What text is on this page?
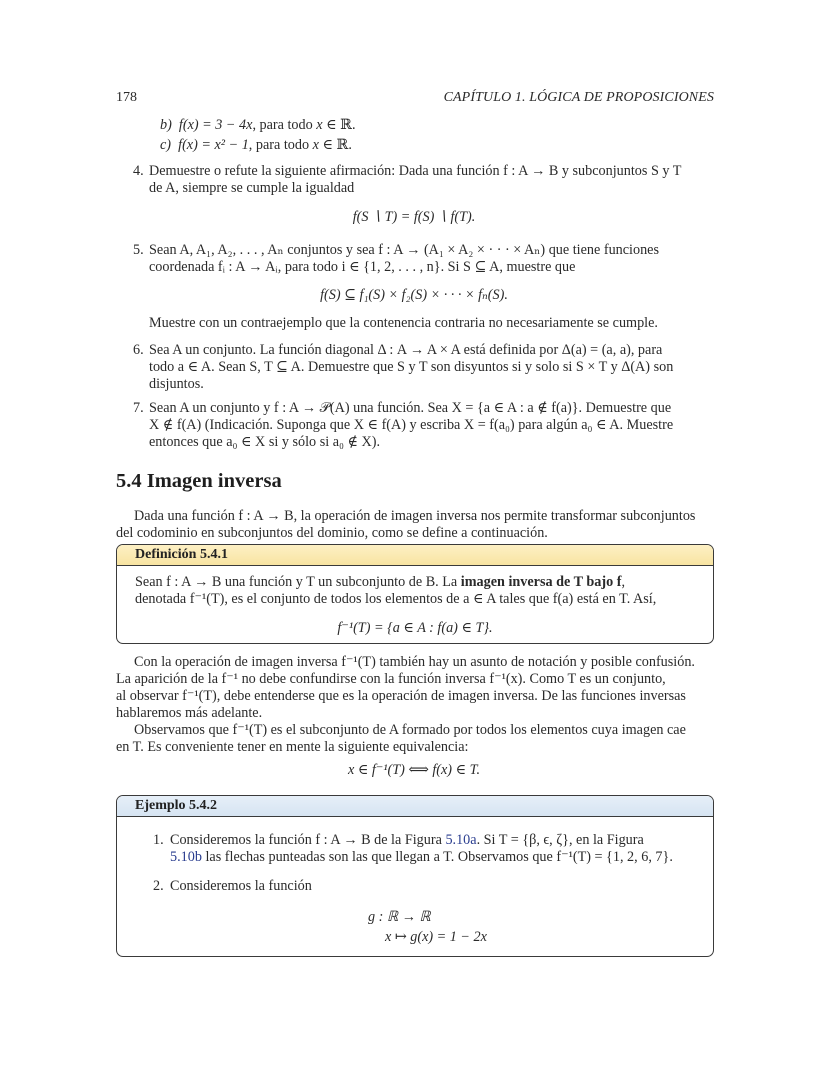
178	CAPÍTULO 1. LÓGICA DE PROPOSICIONES
b) f(x) = 3 − 4x, para todo x ∈ ℝ.
c) f(x) = x² − 1, para todo x ∈ ℝ.
4. Demuestre o refute la siguiente afirmación: Dada una función f : A → B y subconjuntos S y T
de A, siempre se cumple la igualdad
f(S ∖ T) = f(S) ∖ f(T).
5. Sean A, A₁, A₂, . . . , Aₙ conjuntos y sea f : A → (A₁ × A₂ × · · · × Aₙ) que tiene funciones
coordenada fᵢ : A → Aᵢ, para todo i ∈ {1, 2, . . . , n}. Si S ⊆ A, muestre que
f(S) ⊆ f₁(S) × f₂(S) × · · · × fₙ(S).
Muestre con un contraejemplo que la contenencia contraria no necesariamente se cumple.
6. Sea A un conjunto. La función diagonal Δ : A → A × A está definida por Δ(a) = (a, a), para
todo a ∈ A. Sean S, T ⊆ A. Demuestre que S y T son disyuntos si y solo si S × T y Δ(A) son
disjuntos.
7. Sean A un conjunto y f : A → 𝒫(A) una función. Sea X = {a ∈ A : a ∉ f(a)}. Demuestre que
X ∉ f(A) (Indicación. Suponga que X ∈ f(A) y escriba X = f(a₀) para algún a₀ ∈ A. Muestre
entonces que a₀ ∈ X si y sólo si a₀ ∉ X).
5.4 Imagen inversa
Dada una función f : A → B, la operación de imagen inversa nos permite transformar subconjuntos
del codominio en subconjuntos del dominio, como se define a continuación.
Definición 5.4.1
Sean f : A → B una función y T un subconjunto de B. La imagen inversa de T bajo f,
denotada f⁻¹(T), es el conjunto de todos los elementos de a ∈ A tales que f(a) está en T. Así,
f⁻¹(T) = {a ∈ A : f(a) ∈ T}.
Con la operación de imagen inversa f⁻¹(T) también hay un asunto de notación y posible confusión.
La aparición de la f⁻¹ no debe confundirse con la función inversa f⁻¹(x). Como T es un conjunto,
al observar f⁻¹(T), debe entenderse que es la operación de imagen inversa. De las funciones inversas
hablaremos más adelante.
Observamos que f⁻¹(T) es el subconjunto de A formado por todos los elementos cuya imagen cae
en T. Es conveniente tener en mente la siguiente equivalencia:
x ∈ f⁻¹(T) ⟺ f(x) ∈ T.
Ejemplo 5.4.2
1. Consideremos la función f : A → B de la Figura 5.10a. Si T = {β, ϵ, ζ}, en la Figura
5.10b las flechas punteadas son las que llegan a T. Observamos que f⁻¹(T) = {1, 2, 6, 7}.
2. Consideremos la función
g : ℝ → ℝ
x ↦ g(x) = 1 − 2x
